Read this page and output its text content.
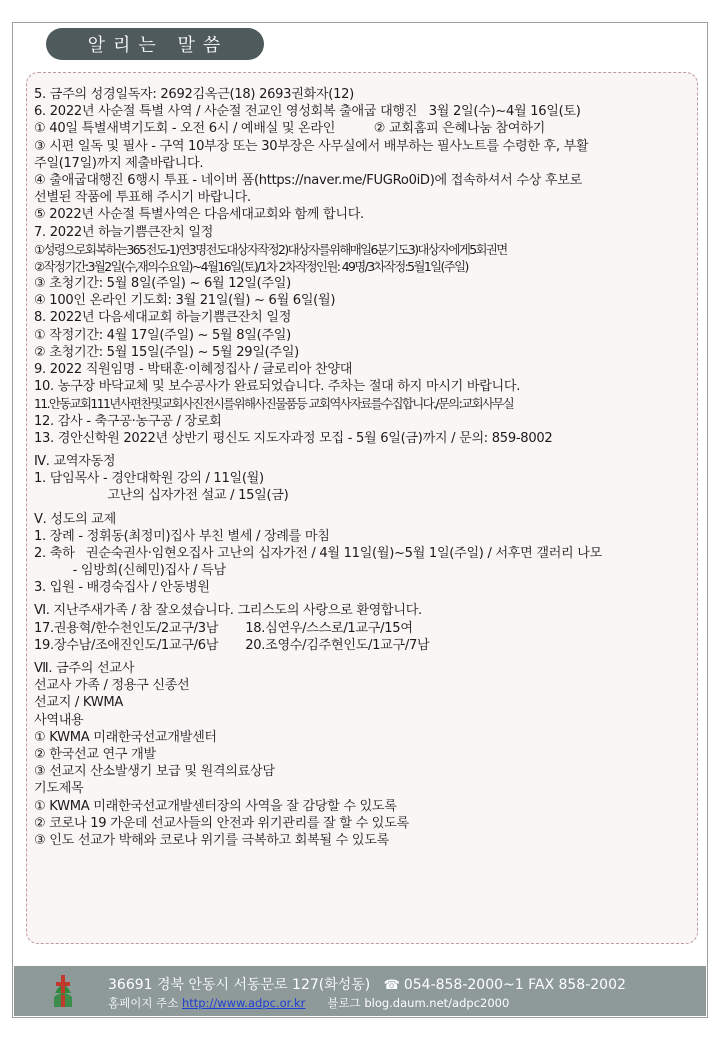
알리는 말씀
5. 금주의 성경일독자: 2692김옥근(18) 2693권화자(12)
6. 2022년 사순절 특별 사역 / 사순절 전교인 영성회복 출애굽 대행진   3월 2일(수)~4월 16일(토)
① 40일 특별새벽기도회 - 오전 6시 / 예배실 및 온라인          ② 교회홈피 은혜나눔 참여하기
③ 시편 일독 및 필사 - 구역 10부장 또는 30부장은 사무실에서 배부하는 필사노트를 수령한 후, 부활
주일(17일)까지 제출바랍니다.
④ 출애굽대행진 6행시 투표 - 네이버 폼(https://naver.me/FUGRo0iD)에 접속하셔서 수상 후보로
선별된 작품에 투표해 주시기 바랍니다.
⑤ 2022년 사순절 특별사역은 다음세대교회와 함께 합니다.
7. 2022년 하늘기쁨큰잔치 일정
①성령으로회복하는365전도-1)연3명전도대상자작정2)대상자를위해매일6분기도3)대상자에게5회권면
②작정기간:3월2일(수,재의수요일)~4월16일(토)/1차 2차작정인원: 49명/3차작정:5월1일(주일)
③ 초청기간: 5월 8일(주일) ~ 6월 12일(주일)
④ 100인 온라인 기도회: 3월 21일(월) ~ 6월 6일(월)
8. 2022년 다음세대교회 하늘기쁨큰잔치 일정
① 작정기간: 4월 17일(주일) ~ 5월 8일(주일)
② 초청기간: 5월 15일(주일) ~ 5월 29일(주일)
9. 2022 직원임명 - 박태훈·이혜정집사 / 글로리아 찬양대
10. 농구장 바닥교체 및 보수공사가 완료되었습니다. 주차는 절대 하지 마시기 바랍니다.
11.안동교회111년사편찬및교회사진전시를위해사진물품등 교회역사자료를수집합니다./문의:교회사무실
12. 감사 - 축구공·농구공 / 장로회
13. 경안신학원 2022년 상반기 평신도 지도자과정 모집 - 5월 6일(금)까지 / 문의: 859-8002
Ⅳ. 교역자동정
1. 담임목사 - 경안대학원 강의 / 11일(월)
고난의 십자가전 설교 / 15일(금)
Ⅴ. 성도의 교제
1. 장례 - 정휘동(최정미)집사 부친 별세 / 장례를 마침
2. 축하   권순숙권사·임현오집사 고난의 십자가전 / 4월 11일(월)~5월 1일(주일) / 서후면 갤러리 나모
- 임방희(신혜민)집사 / 득남
3. 입원 - 배경숙집사 / 안동병원
Ⅵ. 지난주새가족 / 참 잘오셨습니다. 그리스도의 사랑으로 환영합니다.
17.권용혁/한수천인도/2교구/3남       18.심연우/스스로/1교구/15여
19.장수남/조애진인도/1교구/6남       20.조영수/김주현인도/1교구/7남
Ⅶ. 금주의 선교사
선교사 가족 / 정용구 신종선
선교지 / KWMA
사역내용
① KWMA 미래한국선교개발센터
② 한국선교 연구 개발
③ 선교지 산소발생기 보급 및 원격의료상담
기도제목
① KWMA 미래한국선교개발센터장의 사역을 잘 감당할 수 있도록
② 코로나 19 가운데 선교사들의 안전과 위기관리를 잘 할 수 있도록
③ 인도 선교가 박해와 코로나 위기를 극복하고 회복될 수 있도록
36691 경북 안동시 서동문로 127(화성동) ☎ 054-858-2000~1 FAX 858-2002
홈페이지 주소 http://www.adpc.or.kr 블로그 blog.daum.net/adpc2000
